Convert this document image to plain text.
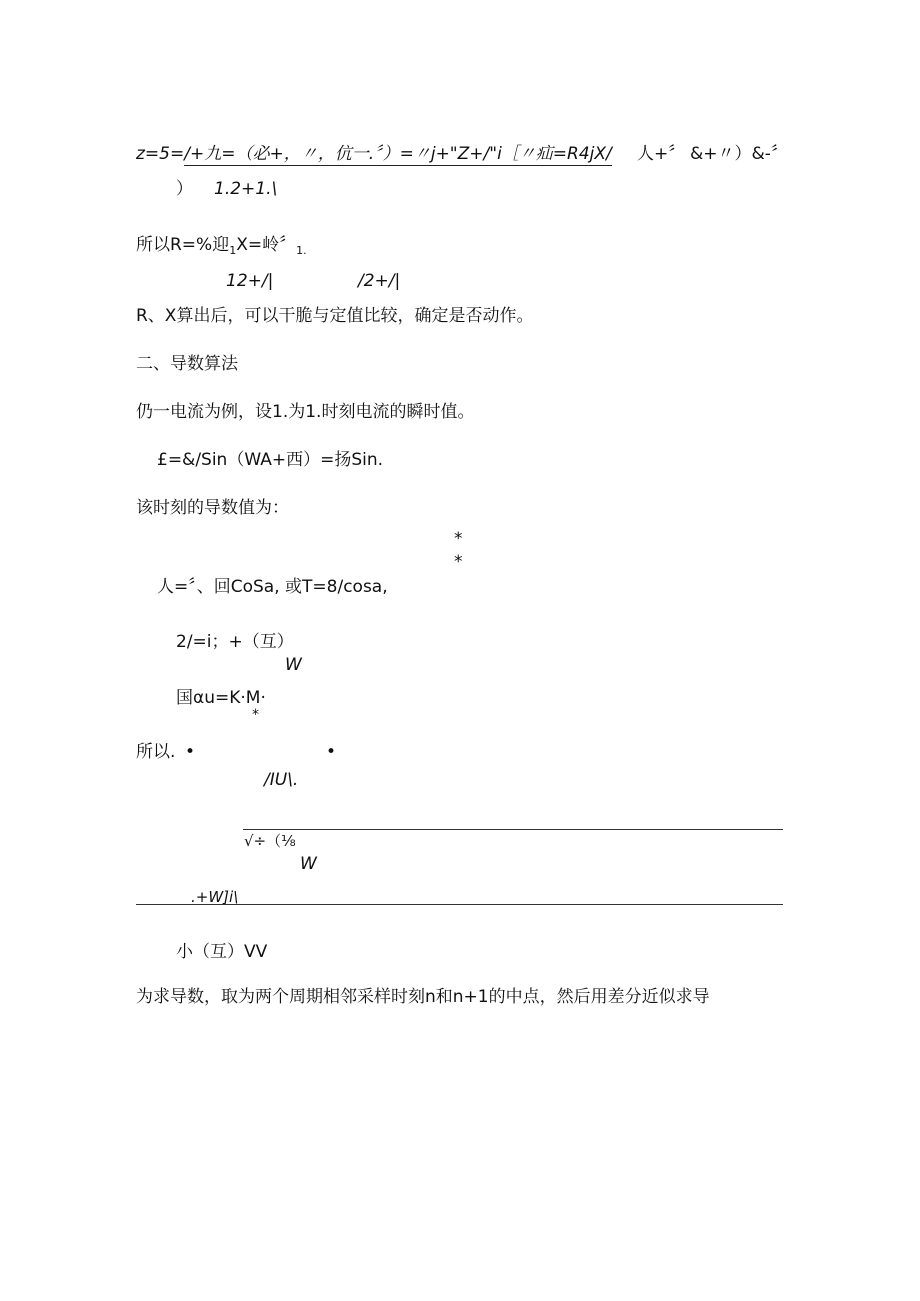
z=5=/+九=（必+，〃，伉一.〞）=〃j+"Z+/"i［〃疝=R4jX/ 人+〞 &+〃）&-〞
） 1.2+1.\
所以R=%迎$_1$X=岭〞$_{1.}$
12+/|	/2+/|
R、X算出后，可以干脆与定值比较，确定是否动作。
二、导数算法
仍一电流为例，设1.为1.时刻电流的瞬时值。
£=&/Sin（WA+西）=扬Sin.
该时刻的导数值为：
*
*
人=〞、回CoSa, 或T=8∕cosa,
2/=i；+（互）
W
国αu=K·M·
*
所以. •	•
/IU\.
√÷（⅛
W
.+W]i\
小（互）VV
为求导数，取为两个周期相邻采样时刻n和n+1的中点，然后用差分近似求导
